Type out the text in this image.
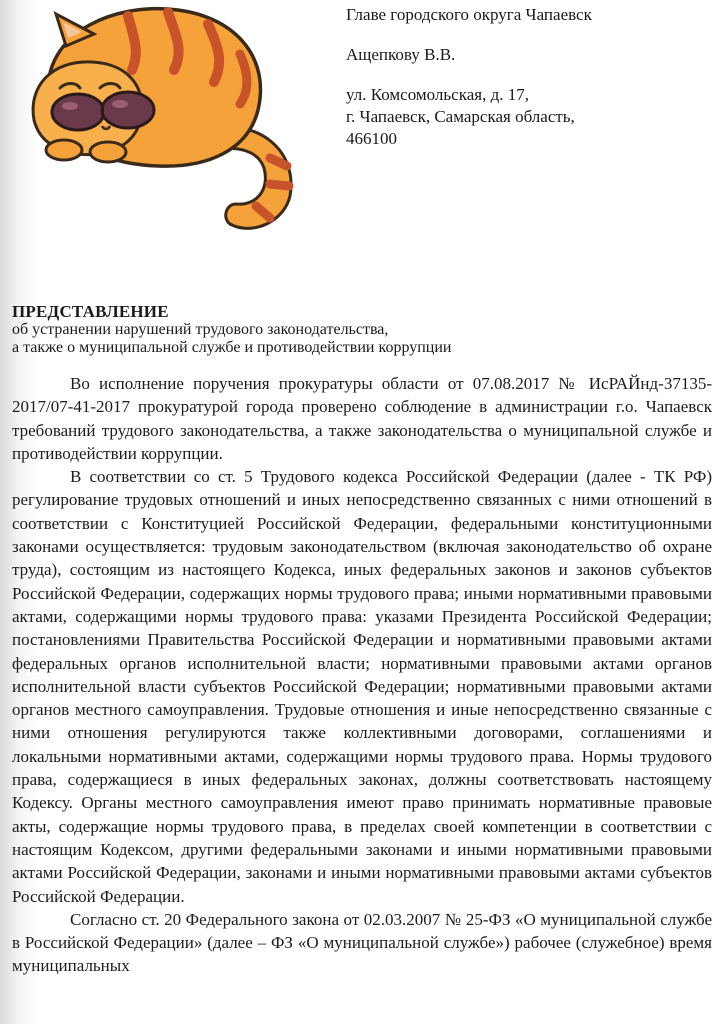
Главе городского округа Чапаевск
Ащепкову В.В.
ул. Комсомольская, д. 17,
г. Чапаевск, Самарская область,
466100
ПРЕДСТАВЛЕНИЕ
об устранении нарушений трудового законодательства,
а также о муниципальной службе и противодействии коррупции

Во исполнение поручения прокуратуры области от 07.08.2017 № ИсРАЙнд-37135-2017/07-41-2017 прокуратурой города проверено соблюдение в администрации г.о. Чапаевск требований трудового законодательства, а также законодательства о муниципальной службе и противодействии коррупции.

В соответствии со ст. 5 Трудового кодекса Российской Федерации (далее - ТК РФ) регулирование трудовых отношений и иных непосредственно связанных с ними отношений в соответствии с Конституцией Российской Федерации, федеральными конституционными законами осуществляется: трудовым законодательством (включая законодательство об охране труда), состоящим из настоящего Кодекса, иных федеральных законов и законов субъектов Российской Федерации, содержащих нормы трудового права; иными нормативными правовыми актами, содержащими нормы трудового права: указами Президента Российской Федерации; постановлениями Правительства Российской Федерации и нормативными правовыми актами федеральных органов исполнительной власти; нормативными правовыми актами органов исполнительной власти субъектов Российской Федерации; нормативными правовыми актами органов местного самоуправления. Трудовые отношения и иные непосредственно связанные с ними отношения регулируются также коллективными договорами, соглашениями и локальными нормативными актами, содержащими нормы трудового права. Нормы трудового права, содержащиеся в иных федеральных законах, должны соответствовать настоящему Кодексу. Органы местного самоуправления имеют право принимать нормативные правовые акты, содержащие нормы трудового права, в пределах своей компетенции в соответствии с настоящим Кодексом, другими федеральными законами и иными нормативными правовыми актами Российской Федерации, законами и иными нормативными правовыми актами субъектов Российской Федерации.

Согласно ст. 20 Федерального закона от 02.03.2007 № 25-ФЗ «О муниципальной службе в Российской Федерации» (далее – ФЗ «О муниципальной службе») рабочее (служебное) время муниципальных
